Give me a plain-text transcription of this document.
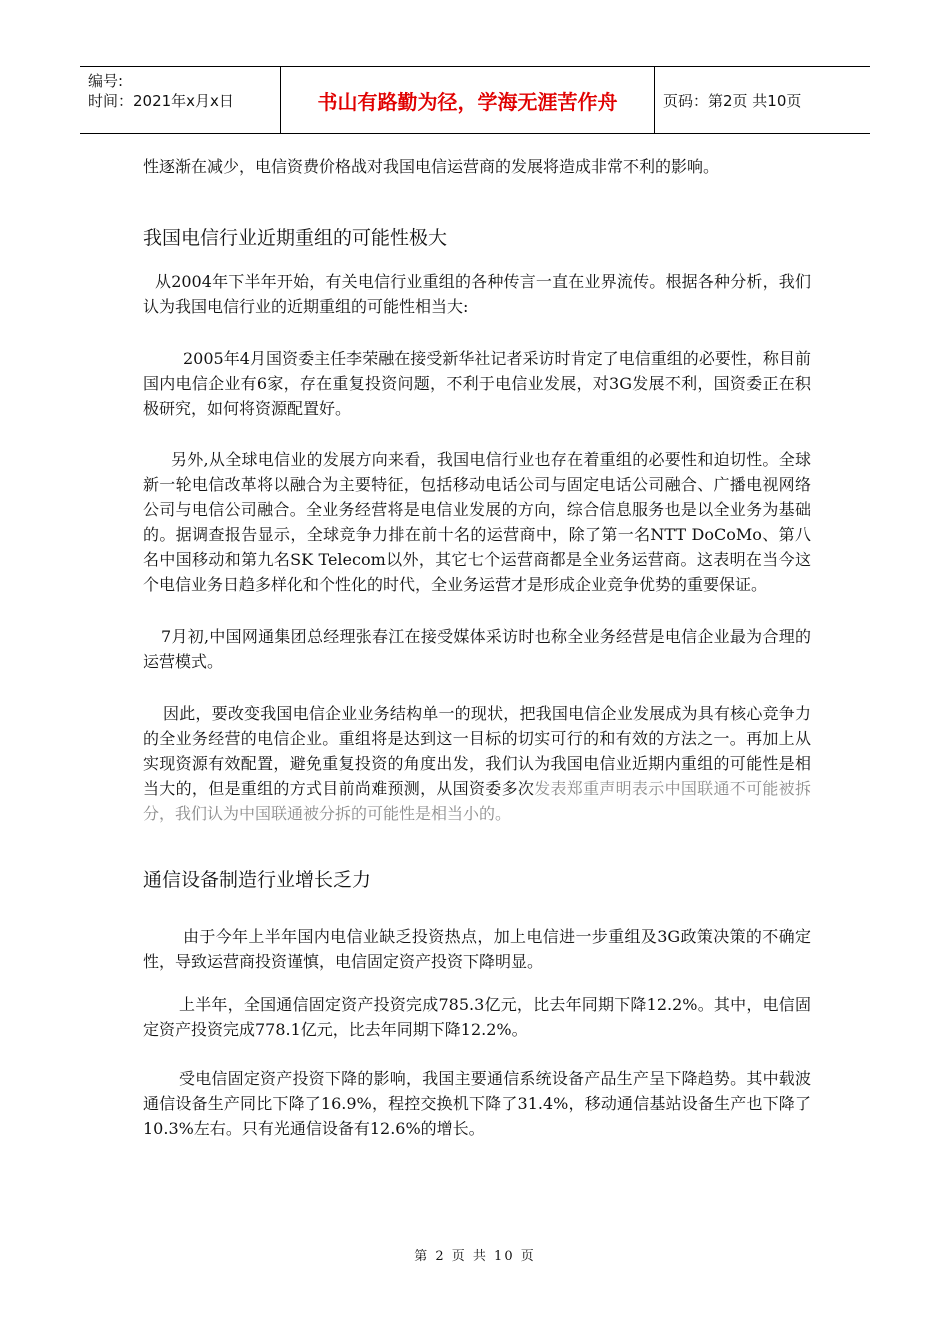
编号:
时间：2021年x月x日	书山有路勤为径，学海无涯苦作舟	页码：第2页 共10页

性逐渐在减少，电信资费价格战对我国电信运营商的发展将造成非常不利的影响。

我国电信行业近期重组的可能性极大

从2004年下半年开始，有关电信行业重组的各种传言一直在业界流传。根据各种分析，我们认为我国电信行业的近期重组的可能性相当大:

2005年4月国资委主任李荣融在接受新华社记者采访时肯定了电信重组的必要性，称目前国内电信企业有6家，存在重复投资问题，不利于电信业发展，对3G发展不利，国资委正在积极研究，如何将资源配置好。

另外,从全球电信业的发展方向来看，我国电信行业也存在着重组的必要性和迫切性。全球新一轮电信改革将以融合为主要特征，包括移动电话公司与固定电话公司融合、广播电视网络公司与电信公司融合。全业务经营将是电信业发展的方向，综合信息服务也是以全业务为基础的。据调查报告显示，全球竞争力排在前十名的运营商中，除了第一名NTT DoCoMo、第八名中国移动和第九名SK Telecom以外，其它七个运营商都是全业务运营商。这表明在当今这个电信业务日趋多样化和个性化的时代，全业务运营才是形成企业竞争优势的重要保证。

7月初,中国网通集团总经理张春江在接受媒体采访时也称全业务经营是电信企业最为合理的运营模式。

因此，要改变我国电信企业业务结构单一的现状，把我国电信企业发展成为具有核心竞争力的全业务经营的电信企业。重组将是达到这一目标的切实可行的和有效的方法之一。再加上从实现资源有效配置，避免重复投资的角度出发，我们认为我国电信业近期内重组的可能性是相当大的，但是重组的方式目前尚难预测，从国资委多次发表郑重声明表示中国联通不可能被拆分，我们认为中国联通被分拆的可能性是相当小的。

通信设备制造行业增长乏力

由于今年上半年国内电信业缺乏投资热点，加上电信进一步重组及3G政策决策的不确定性，导致运营商投资谨慎，电信固定资产投资下降明显。

上半年，全国通信固定资产投资完成785.3亿元，比去年同期下降12.2%。其中，电信固定资产投资完成778.1亿元，比去年同期下降12.2%。

受电信固定资产投资下降的影响，我国主要通信系统设备产品生产呈下降趋势。其中载波通信设备生产同比下降了16.9%，程控交换机下降了31.4%，移动通信基站设备生产也下降了10.3%左右。只有光通信设备有12.6%的增长。

第 2 页 共 10 页
